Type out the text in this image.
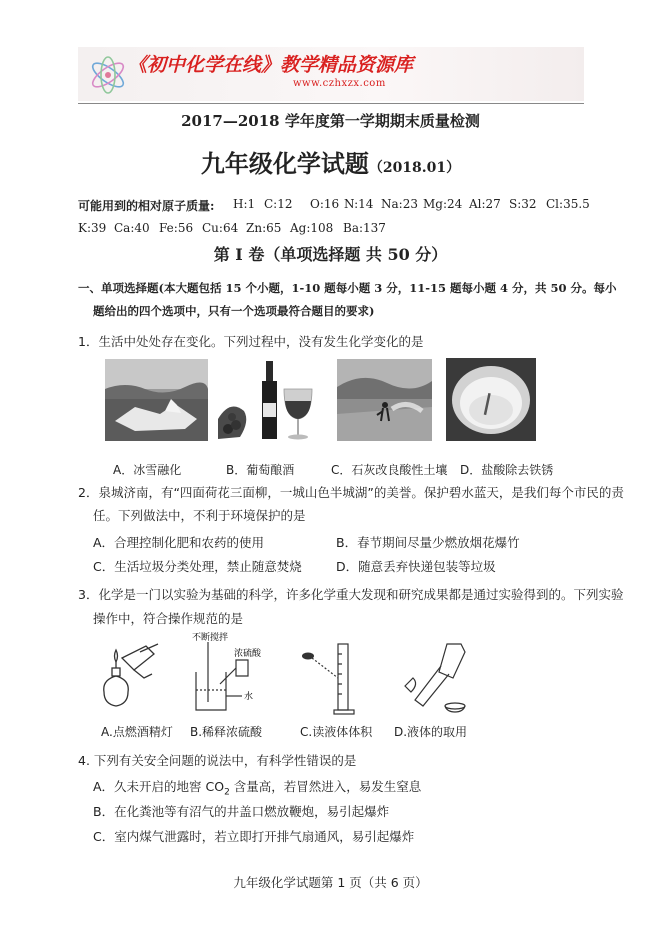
《初中化学在线》教学精品资源库
www.czhxzx.com
2017—2018 学年度第一学期期末质量检测
九年级化学试题（2018.01）
可能用到的相对原子质量: H:1 C:12 O:16 N:14 Na:23 Mg:24 Al:27 S:32 Cl:35.5
K:39 Ca:40 Fe:56 Cu:64 Zn:65 Ag:108 Ba:137
第 I 卷（单项选择题 共 50 分）
一、单项选择题(本大题包括 15 个小题，1-10 题每小题 3 分，11-15 题每小题 4 分，共 50 分。每小
题给出的四个选项中，只有一个选项最符合题目的要求)
1．生活中处处存在变化。下列过程中，没有发生化学变化的是
A．冰雪融化	B．葡萄酿酒	C．石灰改良酸性土壤 D．盐酸除去铁锈
2．泉城济南，有“四面荷花三面柳，一城山色半城湖”的美誉。保护碧水蓝天，是我们每个市民的责
任。下列做法中，不利于环境保护的是
A．合理控制化肥和农药的使用	B．春节期间尽量少燃放烟花爆竹
C．生活垃圾分类处理，禁止随意焚烧	D．随意丢弃快递包装等垃圾
3．化学是一门以实验为基础的科学，许多化学重大发现和研究成果都是通过实验得到的。下列实验
操作中，符合操作规范的是
不断搅拌
浓硫酸
水
A.点燃酒精灯 B.稀释浓硫酸	C.读液体体积 D.液体的取用
4. 下列有关安全问题的说法中，有科学性错误的是
A．久未开启的地窖 $CO_2$ 含量高，若冒然进入，易发生窒息
B．在化粪池等有沼气的井盖口燃放鞭炮，易引起爆炸
C．室内煤气泄露时，若立即打开排气扇通风，易引起爆炸
九年级化学试题第 1 页（共 6 页）
